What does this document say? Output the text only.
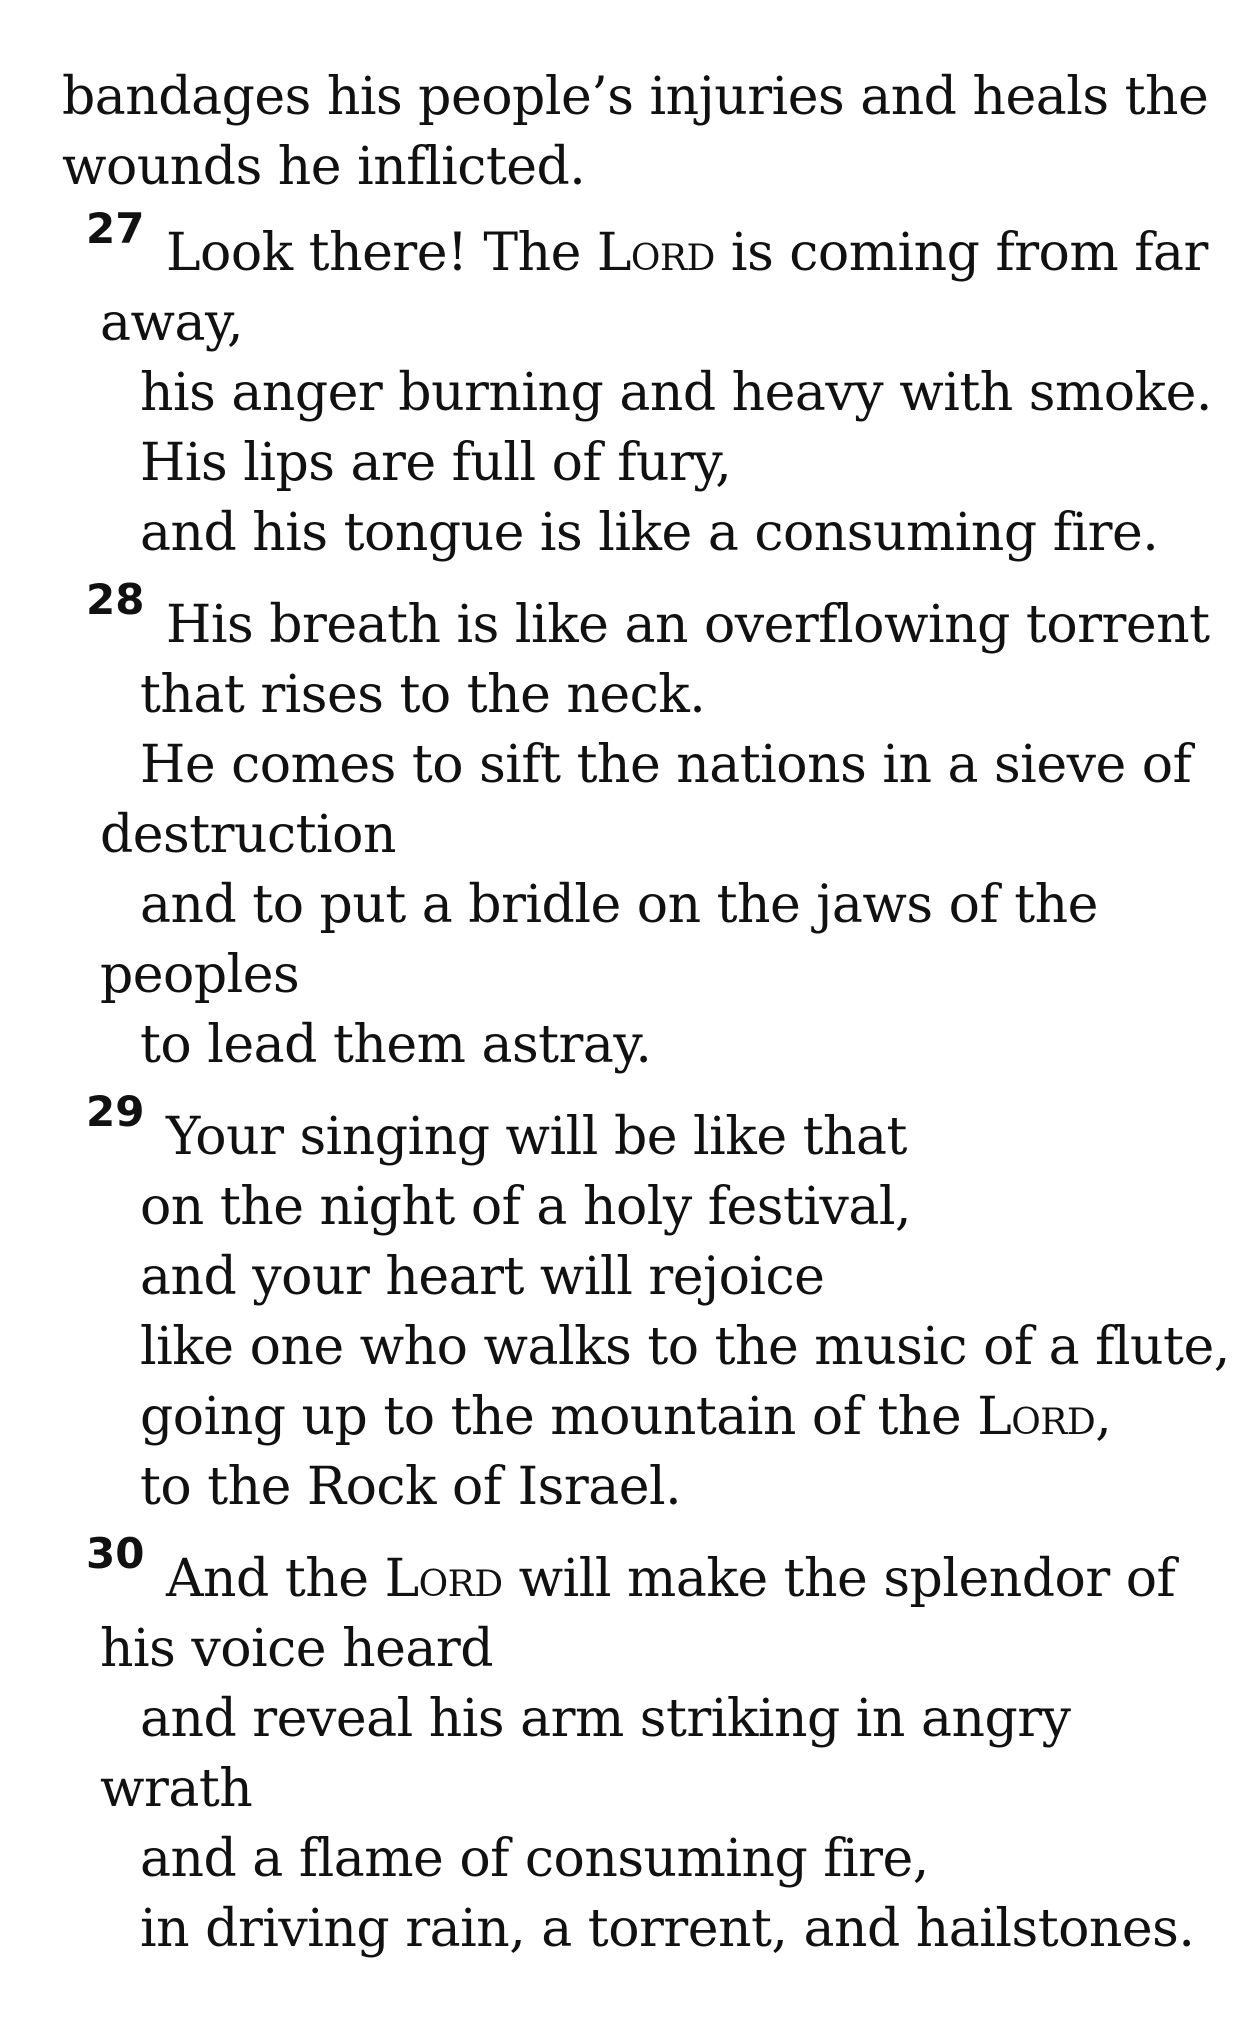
bandages his people’s injuries and heals the
wounds he inflicted.
27 Look there! The Lord is coming from far
away,
his anger burning and heavy with smoke.
His lips are full of fury,
and his tongue is like a consuming fire.
28 His breath is like an overflowing torrent
that rises to the neck.
He comes to sift the nations in a sieve of
destruction
and to put a bridle on the jaws of the
peoples
to lead them astray.
29 Your singing will be like that
on the night of a holy festival,
and your heart will rejoice
like one who walks to the music of a flute,
going up to the mountain of the Lord,
to the Rock of Israel.
30 And the Lord will make the splendor of
his voice heard
and reveal his arm striking in angry
wrath
and a flame of consuming fire,
in driving rain, a torrent, and hailstones.
